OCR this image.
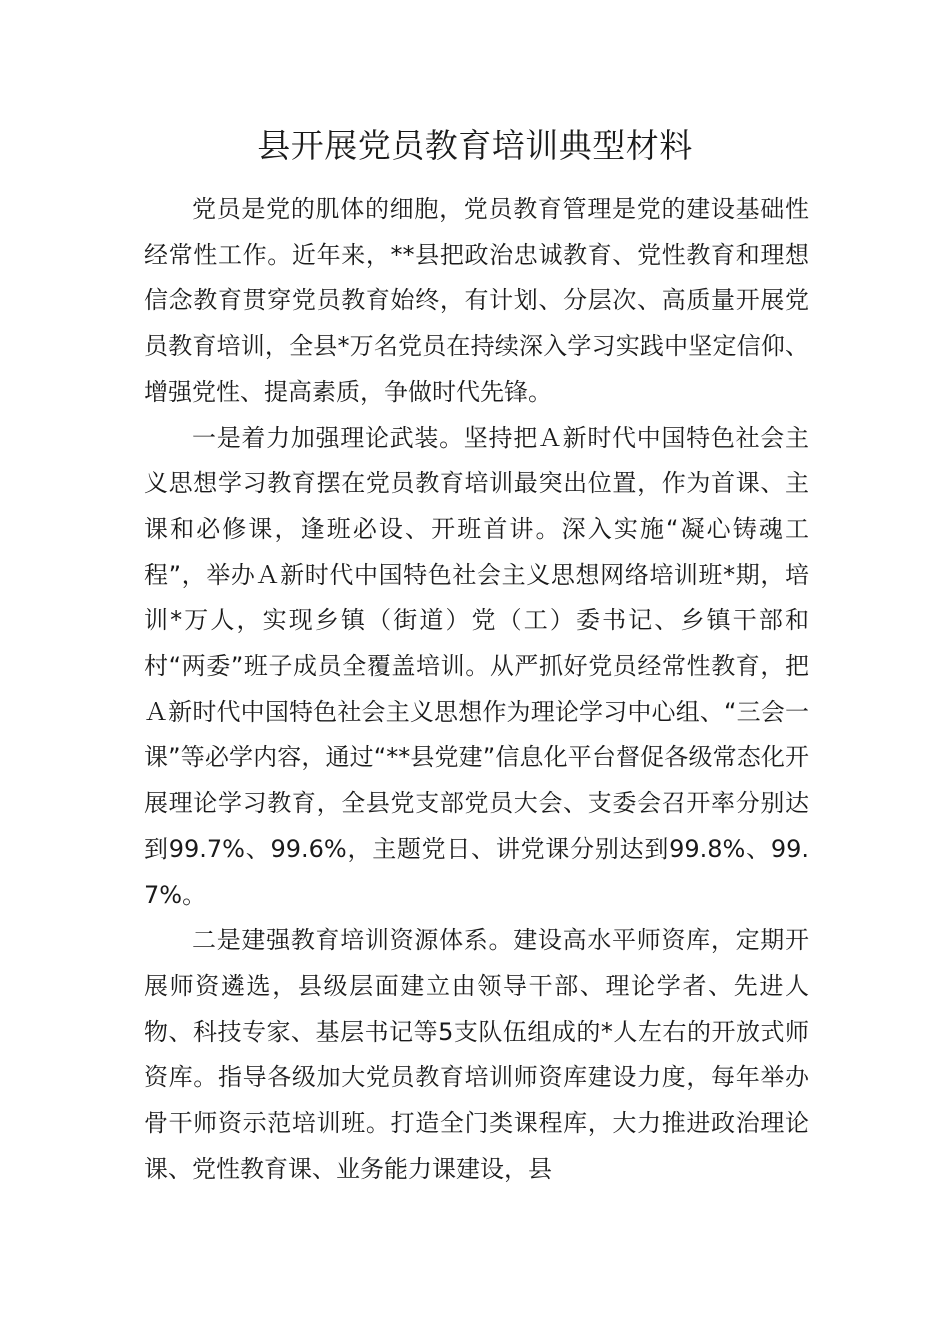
县开展党员教育培训典型材料

党员是党的肌体的细胞，党员教育管理是党的建设基础性经常性工作。近年来，**县把政治忠诚教育、党性教育和理想信念教育贯穿党员教育始终，有计划、分层次、高质量开展党员教育培训，全县*万名党员在持续深入学习实践中坚定信仰、增强党性、提高素质，争做时代先锋。

一是着力加强理论武装。坚持把Ａ新时代中国特色社会主义思想学习教育摆在党员教育培训最突出位置，作为首课、主课和必修课，逢班必设、开班首讲。深入实施“凝心铸魂工程”，举办Ａ新时代中国特色社会主义思想网络培训班*期，培训*万人，实现乡镇（街道）党（工）委书记、乡镇干部和村“两委”班子成员全覆盖培训。从严抓好党员经常性教育，把Ａ新时代中国特色社会主义思想作为理论学习中心组、“三会一课”等必学内容，通过“**县党建”信息化平台督促各级常态化开展理论学习教育，全县党支部党员大会、支委会召开率分别达到99.7%、99.6%，主题党日、讲党课分别达到99.8%、99.7%。

二是建强教育培训资源体系。建设高水平师资库，定期开展师资遴选，县级层面建立由领导干部、理论学者、先进人物、科技专家、基层书记等5支队伍组成的*人左右的开放式师资库。指导各级加大党员教育培训师资库建设力度，每年举办骨干师资示范培训班。打造全门类课程库，大力推进政治理论课、党性教育课、业务能力课建设，县
